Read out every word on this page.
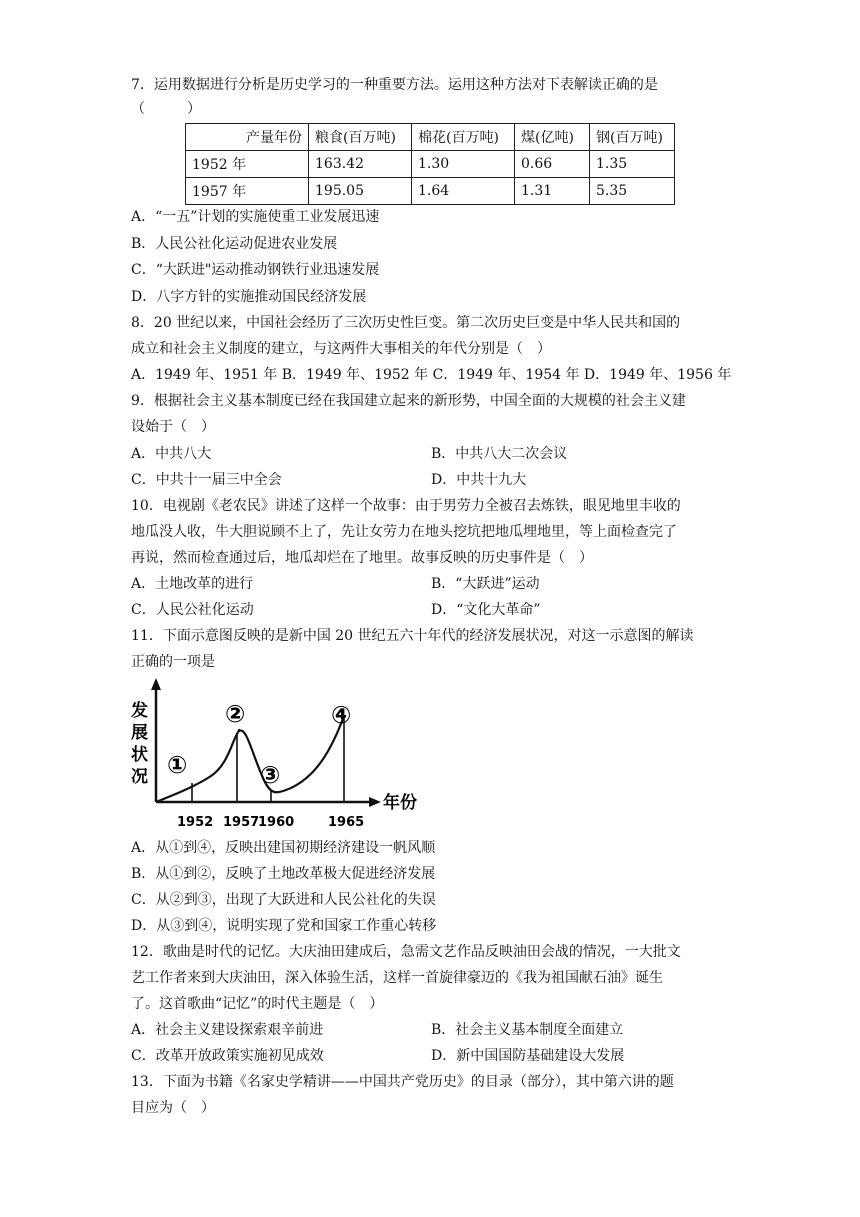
7．运用数据进行分析是历史学习的一种重要方法。运用这种方法对下表解读正确的是
（　　　）
产量年份	粮食(百万吨)	棉花(百万吨)	煤(亿吨)	钢(百万吨)
1952 年	163.42	1.30	0.66	1.35
1957 年	195.05	1.64	1.31	5.35
A．“一五”计划的实施使重工业发展迅速
B．人民公社化运动促进农业发展
C．“大跃进"运动推动钢铁行业迅速发展
D．八字方针的实施推动国民经济发展
8．20 世纪以来，中国社会经历了三次历史性巨变。第二次历史巨变是中华人民共和国的
成立和社会主义制度的建立，与这两件大事相关的年代分别是（　）
A．1949 年、1951 年 B．1949 年、1952 年 C．1949 年、1954 年 D．1949 年、1956 年
9．根据社会主义基本制度已经在我国建立起来的新形势，中国全面的大规模的社会主义建
设始于（　）
A．中共八大	B．中共八大二次会议
C．中共十一届三中全会	D．中共十九大
10．电视剧《老农民》讲述了这样一个故事：由于男劳力全被召去炼铁，眼见地里丰收的
地瓜没人收，牛大胆说顾不上了，先让女劳力在地头挖坑把地瓜埋地里，等上面检查完了
再说，然而检查通过后，地瓜却烂在了地里。故事反映的历史事件是（　）
A．土地改革的进行	B．“大跃进”运动
C．人民公社化运动	D．“文化大革命”
11．下面示意图反映的是新中国 20 世纪五六十年代的经济发展状况，对这一示意图的解读
正确的一项是
发 展 状 况
年份
①
②
③
④
1952 1957
1960	1965
A．从①到④，反映出建国初期经济建设一帆风顺
B．从①到②，反映了土地改革极大促进经济发展
C．从②到③，出现了大跃进和人民公社化的失误
D．从③到④，说明实现了党和国家工作重心转移
12．歌曲是时代的记忆。大庆油田建成后，急需文艺作品反映油田会战的情况，一大批文
艺工作者来到大庆油田，深入体验生活，这样一首旋律豪迈的《我为祖国献石油》诞生
了。这首歌曲“记忆”的时代主题是（　）
A．社会主义建设探索艰辛前进	B．社会主义基本制度全面建立
C．改革开放政策实施初见成效	D．新中国国防基础建设大发展
13．下面为书籍《名家史学精讲——中国共产党历史》的目录（部分），其中第六讲的题
目应为（　）
